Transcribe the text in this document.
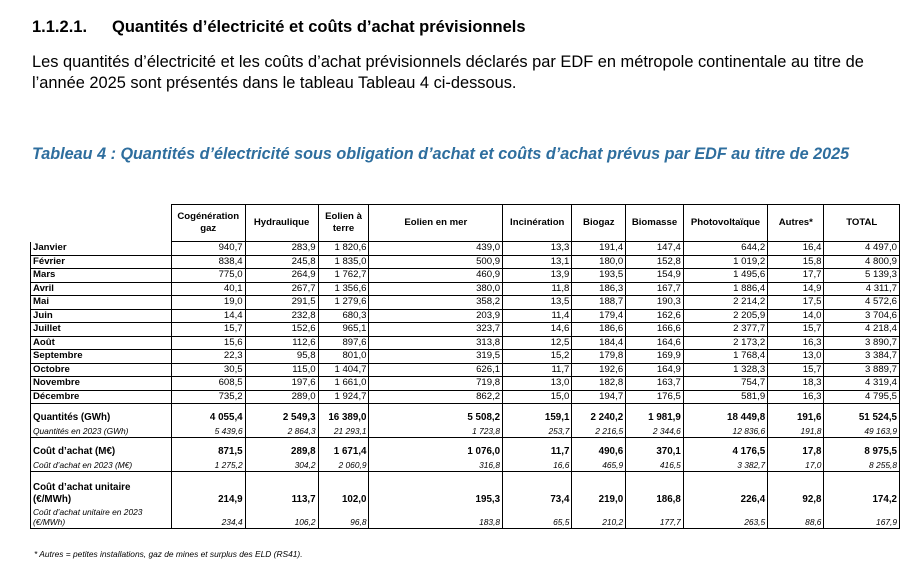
1.1.2.1. Quantités d’électricité et coûts d’achat prévisionnels
Les quantités d’électricité et les coûts d’achat prévisionnels déclarés par EDF en métropole continentale au titre de l’année 2025 sont présentés dans le tableau Tableau 4 ci-dessous.
Tableau 4 : Quantités d’électricité sous obligation d’achat et coûts d’achat prévus par EDF au titre de 2025
	Cogénération gaz	Hydraulique	Eolien à terre	Eolien en mer	Incinération	Biogaz	Biomasse	Photovoltaïque	Autres*	TOTAL
Janvier	940,7	283,9	1 820,6	439,0	13,3	191,4	147,4	644,2	16,4	4 497,0
Février	838,4	245,8	1 835,0	500,9	13,1	180,0	152,8	1 019,2	15,8	4 800,9
Mars	775,0	264,9	1 762,7	460,9	13,9	193,5	154,9	1 495,6	17,7	5 139,3
Avril	40,1	267,7	1 356,6	380,0	11,8	186,3	167,7	1 886,4	14,9	4 311,7
Mai	19,0	291,5	1 279,6	358,2	13,5	188,7	190,3	2 214,2	17,5	4 572,6
Juin	14,4	232,8	680,3	203,9	11,4	179,4	162,6	2 205,9	14,0	3 704,6
Juillet	15,7	152,6	965,1	323,7	14,6	186,6	166,6	2 377,7	15,7	4 218,4
Août	15,6	112,6	897,6	313,8	12,5	184,4	164,6	2 173,2	16,3	3 890,7
Septembre	22,3	95,8	801,0	319,5	15,2	179,8	169,9	1 768,4	13,0	3 384,7
Octobre	30,5	115,0	1 404,7	626,1	11,7	192,6	164,9	1 328,3	15,7	3 889,7
Novembre	608,5	197,6	1 661,0	719,8	13,0	182,8	163,7	754,7	18,3	4 319,4
Décembre	735,2	289,0	1 924,7	862,2	15,0	194,7	176,5	581,9	16,3	4 795,5

Quantités (GWh)	4 055,4	2 549,3	16 389,0	5 508,2	159,1	2 240,2	1 981,9	18 449,8	191,6	51 524,5
Quantités en 2023 (GWh)	5 439,6	2 864,3	21 293,1	1 723,8	253,7	2 216,5	2 344,6	12 836,6	191,8	49 163,9

Coût d’achat (M€)	871,5	289,8	1 671,4	1 076,0	11,7	490,6	370,1	4 176,5	17,8	8 975,5
Coût d’achat en 2023 (M€)	1 275,2	304,2	2 060,9	316,8	16,6	465,9	416,5	3 382,7	17,0	8 255,8

Coût d’achat unitaire (€/MWh)	214,9	113,7	102,0	195,3	73,4	219,0	186,8	226,4	92,8	174,2
Coût d’achat unitaire en 2023 (€/MWh)	234,4	106,2	96,8	183,8	65,5	210,2	177,7	263,5	88,6	167,9
* Autres = petites installations, gaz de mines et surplus des ELD (RS41).
